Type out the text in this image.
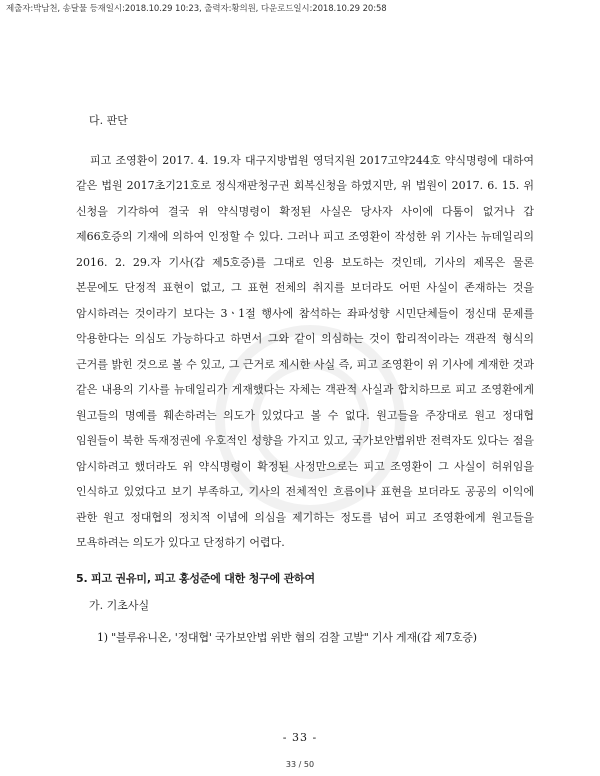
제출자:박남천, 송달물 등재일시:2018.10.29 10:23, 출력자:황의원, 다운로드일시:2018.10.29 20:58

다. 판단

피고 조영환이 2017. 4. 19.자 대구지방법원 영덕지원 2017고약244호 약식명령에 대하여 같은 법원 2017초기21호로 정식재판청구권 회복신청을 하였지만, 위 법원이 2017. 6. 15. 위 신청을 기각하여 결국 위 약식명령이 확정된 사실은 당사자 사이에 다툼이 없거나 갑 제66호증의 기재에 의하여 인정할 수 있다. 그러나 피고 조영환이 작성한 위 기사는 뉴데일리의 2016. 2. 29.자 기사(갑 제5호증)를 그대로 인용 보도하는 것인데, 기사의 제목은 물론 본문에도 단정적 표현이 없고, 그 표현 전체의 취지를 보더라도 어떤 사실이 존재하는 것을 암시하려는 것이라기 보다는 3ㆍ1절 행사에 참석하는 좌파성향 시민단체들이 정신대 문제를 악용한다는 의심도 가능하다고 하면서 그와 같이 의심하는 것이 합리적이라는 객관적 형식의 근거를 밝힌 것으로 볼 수 있고, 그 근거로 제시한 사실 즉, 피고 조영환이 위 기사에 게재한 것과 같은 내용의 기사를 뉴데일리가 게재했다는 자체는 객관적 사실과 합치하므로 피고 조영환에게 원고들의 명예를 훼손하려는 의도가 있었다고 볼 수 없다. 원고들을 주장대로 원고 정대협 임원들이 북한 독재정권에 우호적인 성향을 가지고 있고, 국가보안법위반 전력자도 있다는 점을 암시하려고 했더라도 위 약식명령이 확정된 사정만으로는 피고 조영환이 그 사실이 허위임을 인식하고 있었다고 보기 부족하고, 기사의 전체적인 흐름이나 표현을 보더라도 공공의 이익에 관한 원고 정대협의 정치적 이념에 의심을 제기하는 정도를 넘어 피고 조영환에게 원고들을 모욕하려는 의도가 있다고 단정하기 어렵다.

5. 피고 권유미, 피고 홍성준에 대한 청구에 관하여

가. 기초사실

1) "블루유니온, '정대협' 국가보안법 위반 혐의 검찰 고발" 기사 게재(갑 제7호증)

- 33 -
33 / 50
